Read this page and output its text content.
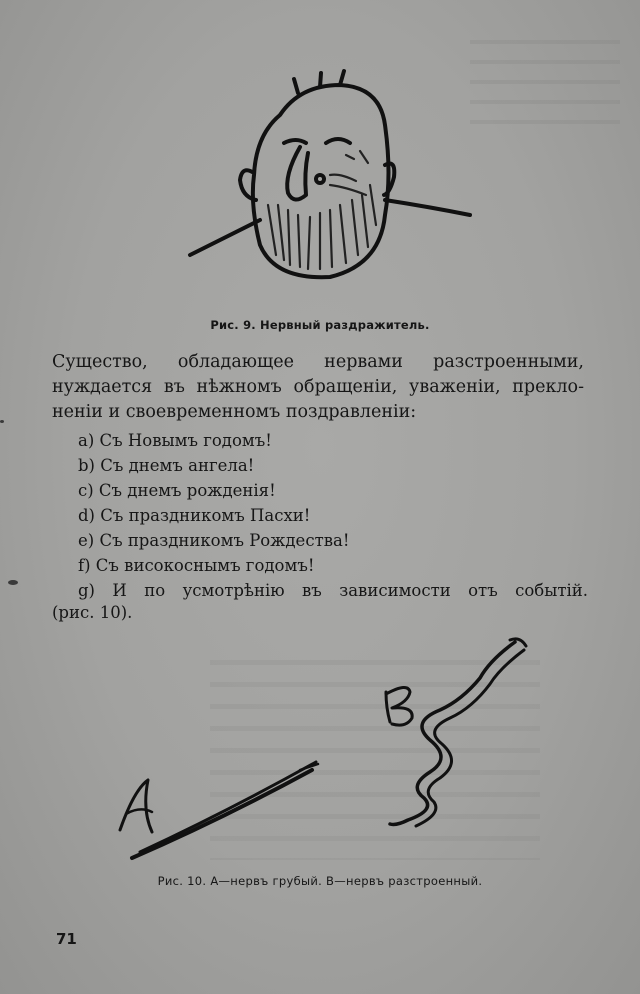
Рис. 9. Нервный раздражитель.
Существо, обладающее нервами разстроенными,
нуждается въ нѣжномъ обращеніи, уваженіи, прекло-
неніи и своевременномъ поздравленіи:
а) Съ Новымъ годомъ!
b) Съ днемъ ангела!
c) Съ днемъ рожденія!
d) Съ праздникомъ Пасхи!
e) Съ праздникомъ Рождества!
f) Съ високоснымъ годомъ!
g) И по усмотрѣнію въ зависимости отъ событій.
(рис. 10).
А
В
Рис. 10. А—нервъ грубый. В—нервъ разстроенный.
71
